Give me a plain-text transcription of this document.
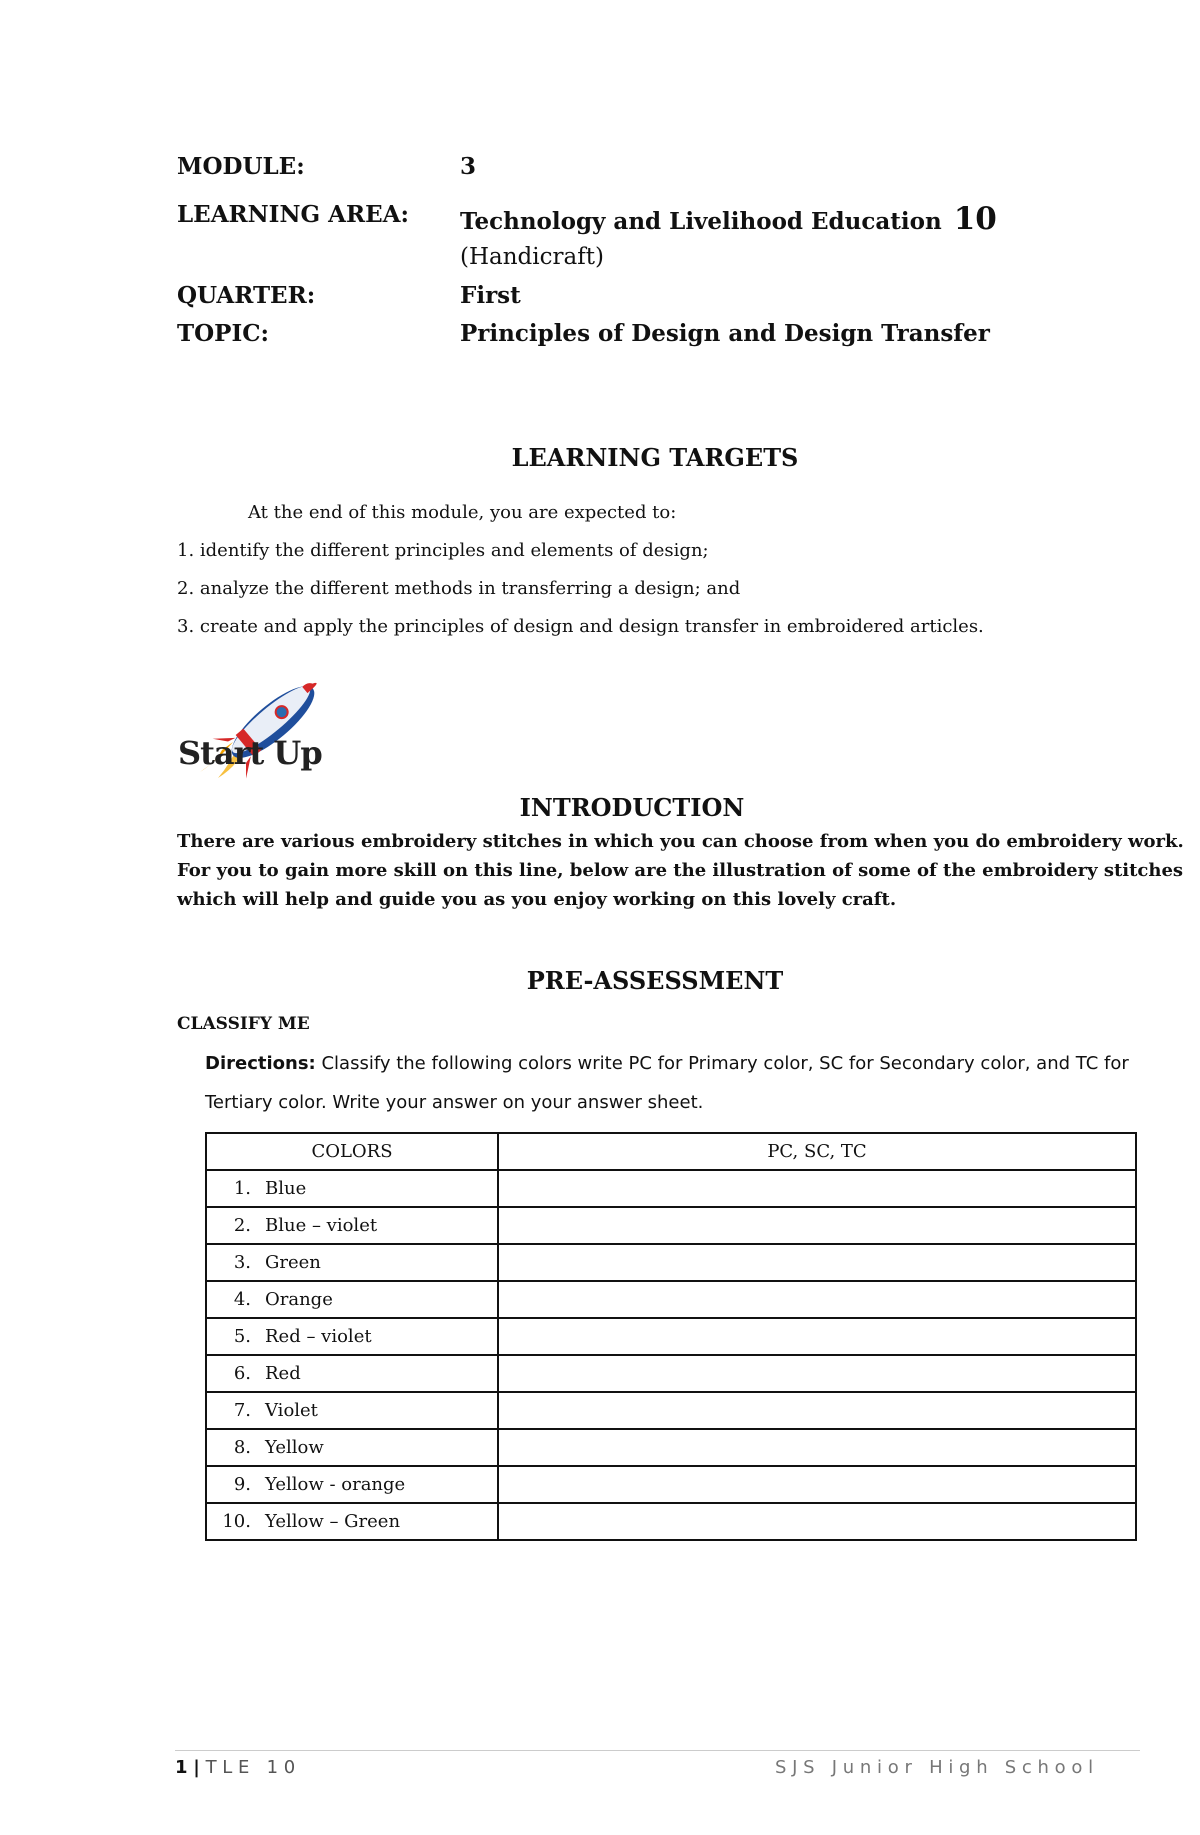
MODULE:	3
LEARNING AREA: Technology and Livelihood Education 10
(Handicraft)
QUARTER:	First
TOPIC:	Principles of Design and Design Transfer
LEARNING TARGETS
At the end of this module, you are expected to:
1. identify the different principles and elements of design;
2. analyze the different methods in transferring a design; and
3. create and apply the principles of design and design transfer in embroidered articles.
Start Up
INTRODUCTION
There are various embroidery stitches in which you can choose from when you do embroidery work.
For you to gain more skill on this line, below are the illustration of some of the embroidery stitches
which will help and guide you as you enjoy working on this lovely craft.
PRE-ASSESSMENT
CLASSIFY ME
Directions: Classify the following colors write PC for Primary color, SC for Secondary color, and TC for
Tertiary color. Write your answer on your answer sheet.
COLORS	PC, SC, TC
1. Blue	
2. Blue – violet	
3. Green	
4. Orange	
5. Red – violet	
6. Red	
7. Violet	
8. Yellow	
9. Yellow - orange	
10. Yellow – Green	
1 | T L E   1 0	S J S   J u n i o r   H i g h   S c h o o l
